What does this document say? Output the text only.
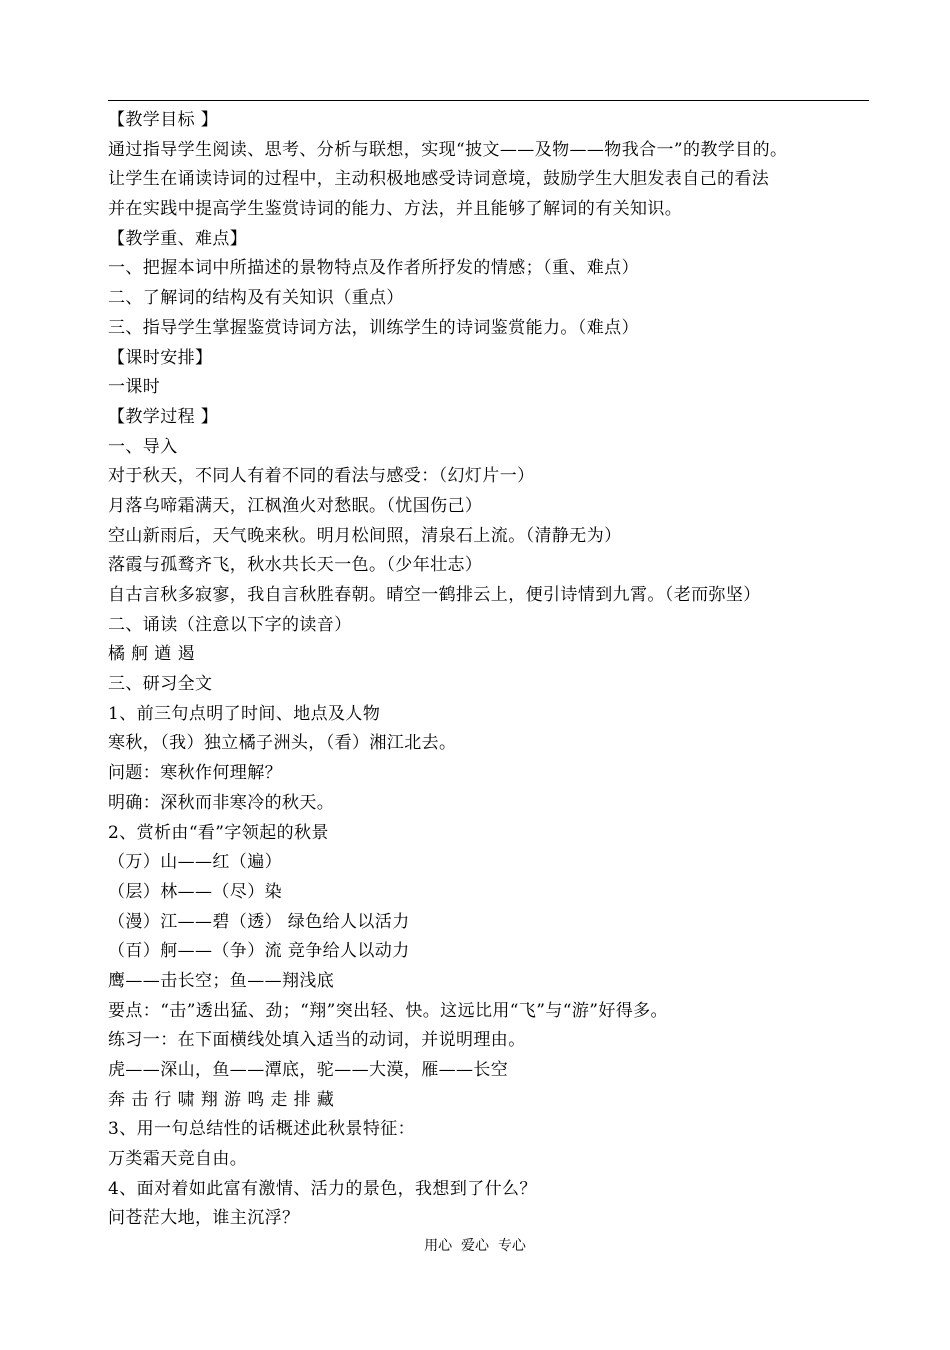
【教学目标 】
通过指导学生阅读、思考、分析与联想，实现“披文——及物——物我合一”的教学目的。
让学生在诵读诗词的过程中，主动积极地感受诗词意境，鼓励学生大胆发表自己的看法
并在实践中提高学生鉴赏诗词的能力、方法，并且能够了解词的有关知识。
【教学重、难点】
一、把握本词中所描述的景物特点及作者所抒发的情感；（重、难点）
二、了解词的结构及有关知识（重点）
三、指导学生掌握鉴赏诗词方法，训练学生的诗词鉴赏能力。（难点）
【课时安排】
一课时
【教学过程 】
一、导入
对于秋天，不同人有着不同的看法与感受：（幻灯片一）
月落乌啼霜满天，江枫渔火对愁眠。（忧国伤己）
空山新雨后，天气晚来秋。明月松间照，清泉石上流。（清静无为）
落霞与孤鹜齐飞，秋水共长天一色。（少年壮志）
自古言秋多寂寥，我自言秋胜春朝。晴空一鹤排云上，便引诗情到九霄。（老而弥坚）
二、诵读（注意以下字的读音）
橘 舸 遒 遏
三、研习全文
1、前三句点明了时间、地点及人物
寒秋，（我）独立橘子洲头，（看）湘江北去。
问题：寒秋作何理解？
明确：深秋而非寒冷的秋天。
2、赏析由“看”字领起的秋景
（万）山——红（遍）
（层）林——（尽）染
（漫）江——碧（透） 绿色给人以活力
（百）舸——（争）流 竞争给人以动力
鹰——击长空；鱼——翔浅底
要点：“击”透出猛、劲；“翔”突出轻、快。这远比用“飞”与“游”好得多。
练习一：在下面横线处填入适当的动词，并说明理由。
虎——深山，鱼——潭底，驼——大漠，雁——长空
奔 击 行 啸 翔 游 鸣 走 排 藏
3、用一句总结性的话概述此秋景特征：
万类霜天竞自由。
4、面对着如此富有激情、活力的景色，我想到了什么？
问苍茫大地，谁主沉浮？
用心  爱心  专心
